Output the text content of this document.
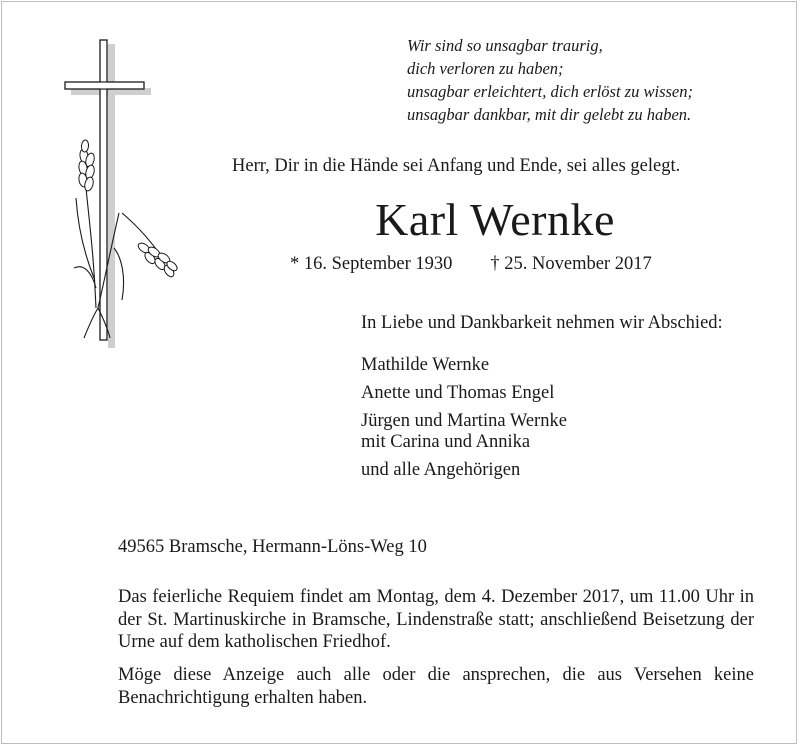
Wir sind so unsagbar traurig,
dich verloren zu haben;
unsagbar erleichtert, dich erlöst zu wissen;
unsagbar dankbar, mit dir gelebt zu haben.
Herr, Dir in die Hände sei Anfang und Ende, sei alles gelegt.
Karl Wernke
* 16. September 1930 † 25. November 2017
In Liebe und Dankbarkeit nehmen wir Abschied:
Mathilde Wernke
Anette und Thomas Engel
Jürgen und Martina Wernke
mit Carina und Annika
und alle Angehörigen
49565 Bramsche, Hermann-Löns-Weg 10
Das feierliche Requiem findet am Montag, dem 4. Dezember 2017, um 11.00 Uhr in der St. Martinuskirche in Bramsche, Lindenstraße statt; anschließend Beisetzung der Urne auf dem katholischen Friedhof.
Möge diese Anzeige auch alle oder die ansprechen, die aus Versehen keine Benachrichtigung erhalten haben.
